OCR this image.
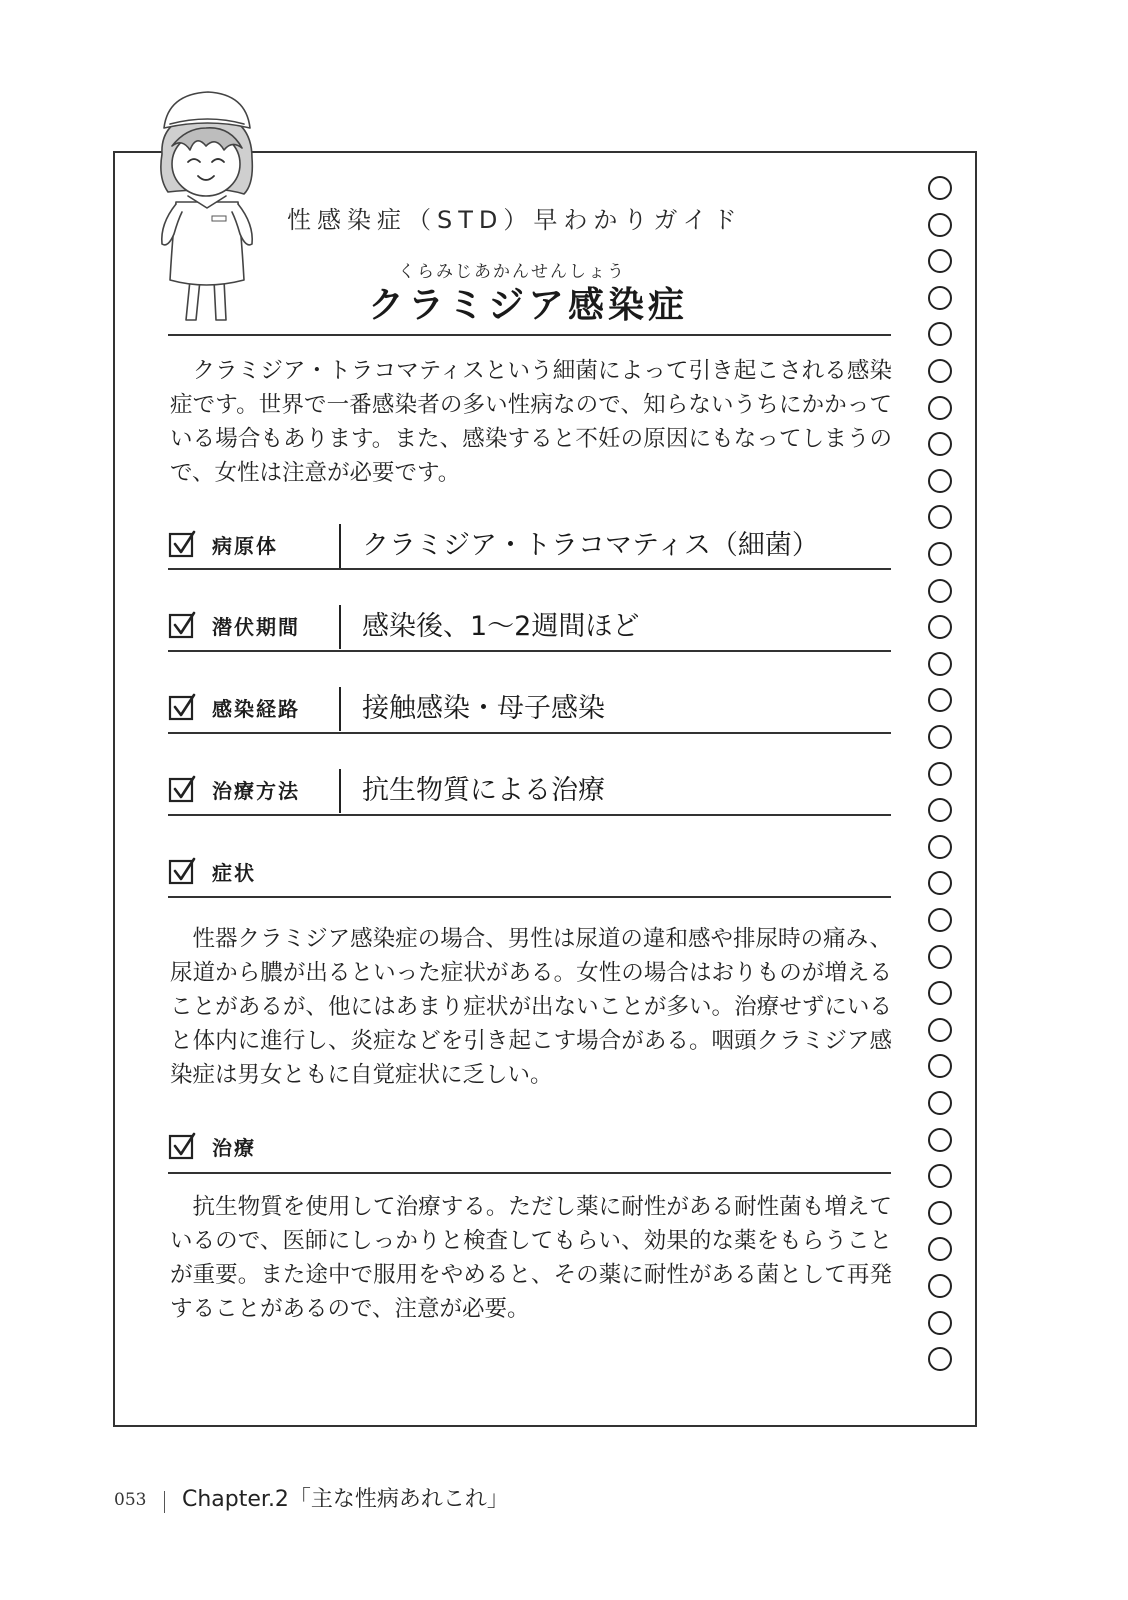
性感染症（STD）早わかりガイド
くらみじあかんせんしょう
クラミジア感染症
クラミジア・トラコマティスという細菌によって引き起こされる感染症です。世界で一番感染者の多い性病なので、知らないうちにかかっている場合もあります。また、感染すると不妊の原因にもなってしまうので、女性は注意が必要です。
病原体	クラミジア・トラコマティス（細菌）
潜伏期間 感染後、1〜2週間ほど
感染経路 接触感染・母子感染
治療方法 抗生物質による治療
症状
性器クラミジア感染症の場合、男性は尿道の違和感や排尿時の痛み、尿道から膿が出るといった症状がある。女性の場合はおりものが増えることがあるが、他にはあまり症状が出ないことが多い。治療せずにいると体内に進行し、炎症などを引き起こす場合がある。咽頭クラミジア感染症は男女ともに自覚症状に乏しい。
治療
抗生物質を使用して治療する。ただし薬に耐性がある耐性菌も増えているので、医師にしっかりと検査してもらい、効果的な薬をもらうことが重要。また途中で服用をやめると、その薬に耐性がある菌として再発することがあるので、注意が必要。
053 Chapter.2「主な性病あれこれ」
